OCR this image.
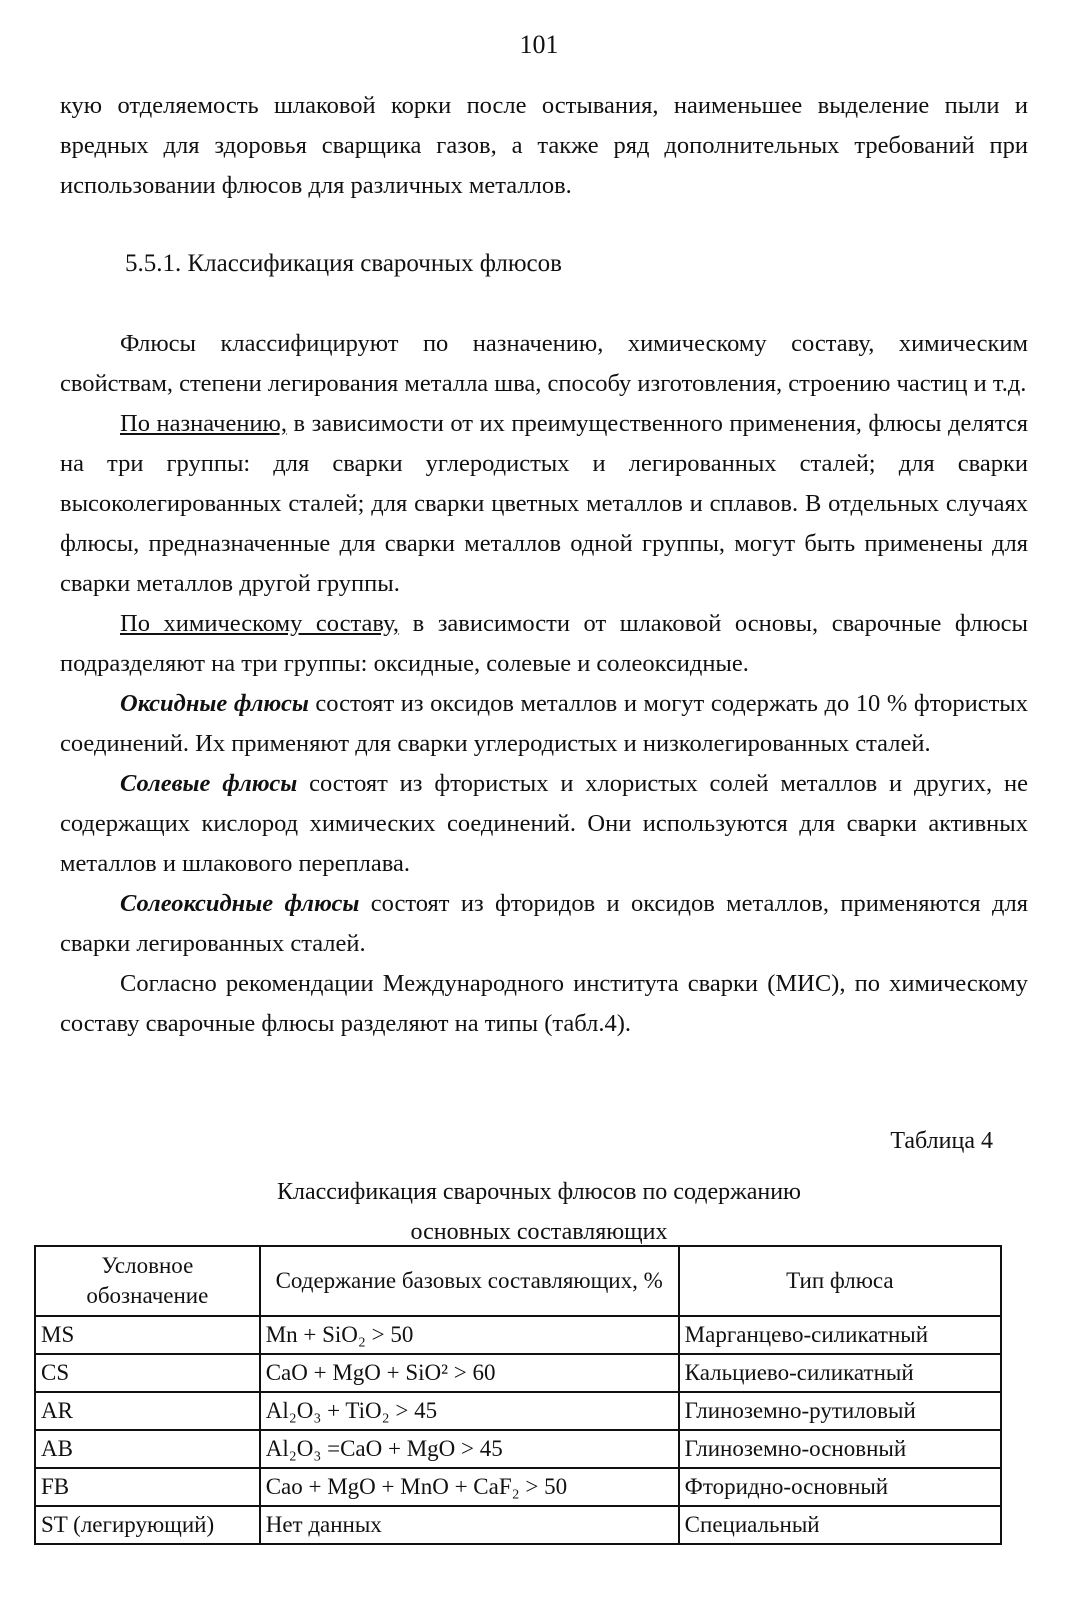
101

кую отделяемость шлаковой корки после остывания, наименьшее выделение пыли и вредных для здоровья сварщика газов, а также ряд дополнительных требований при использовании флюсов для различных металлов.

5.5.1. Классификация сварочных флюсов

Флюсы классифицируют по назначению, химическому составу, химическим свойствам, степени легирования металла шва, способу изготовления, строению частиц и т.д.

По назначению, в зависимости от их преимущественного применения, флюсы делятся на три группы: для сварки углеродистых и легированных сталей; для сварки высоколегированных сталей; для сварки цветных металлов и сплавов. В отдельных случаях флюсы, предназначенные для сварки металлов одной группы, могут быть применены для сварки металлов другой группы.

По химическому составу, в зависимости от шлаковой основы, сварочные флюсы подразделяют на три группы: оксидные, солевые и солеоксидные.

Оксидные флюсы состоят из оксидов металлов и могут содержать до 10 % фтористых соединений. Их применяют для сварки углеродистых и низколегированных сталей.

Солевые флюсы состоят из фтористых и хлористых солей металлов и других, не содержащих кислород химических соединений. Они используются для сварки активных металлов и шлакового переплава.

Солеоксидные флюсы состоят из фторидов и оксидов металлов, применяются для сварки легированных сталей.

Согласно рекомендации Международного института сварки (МИС), по химическому составу сварочные флюсы разделяют на типы (табл.4).

Таблица 4
Классификация сварочных флюсов по содержанию
основных составляющих
Условное обозначение	Содержание базовых составляющих, %	Тип флюса
MS	Mn + SiO₂ > 50	Марганцево-силикатный
CS	CaO + MgO + SiO² > 60	Кальциево-силикатный
AR	Al₂O₃ + TiO₂ > 45	Глиноземно-рутиловый
AB	Al₂O₃ =CaO + MgO > 45	Глиноземно-основный
FB	Cao + MgO + MnO + CaF₂ > 50	Фторидно-основный
ST (легирующий)	Нет данных	Специальный
